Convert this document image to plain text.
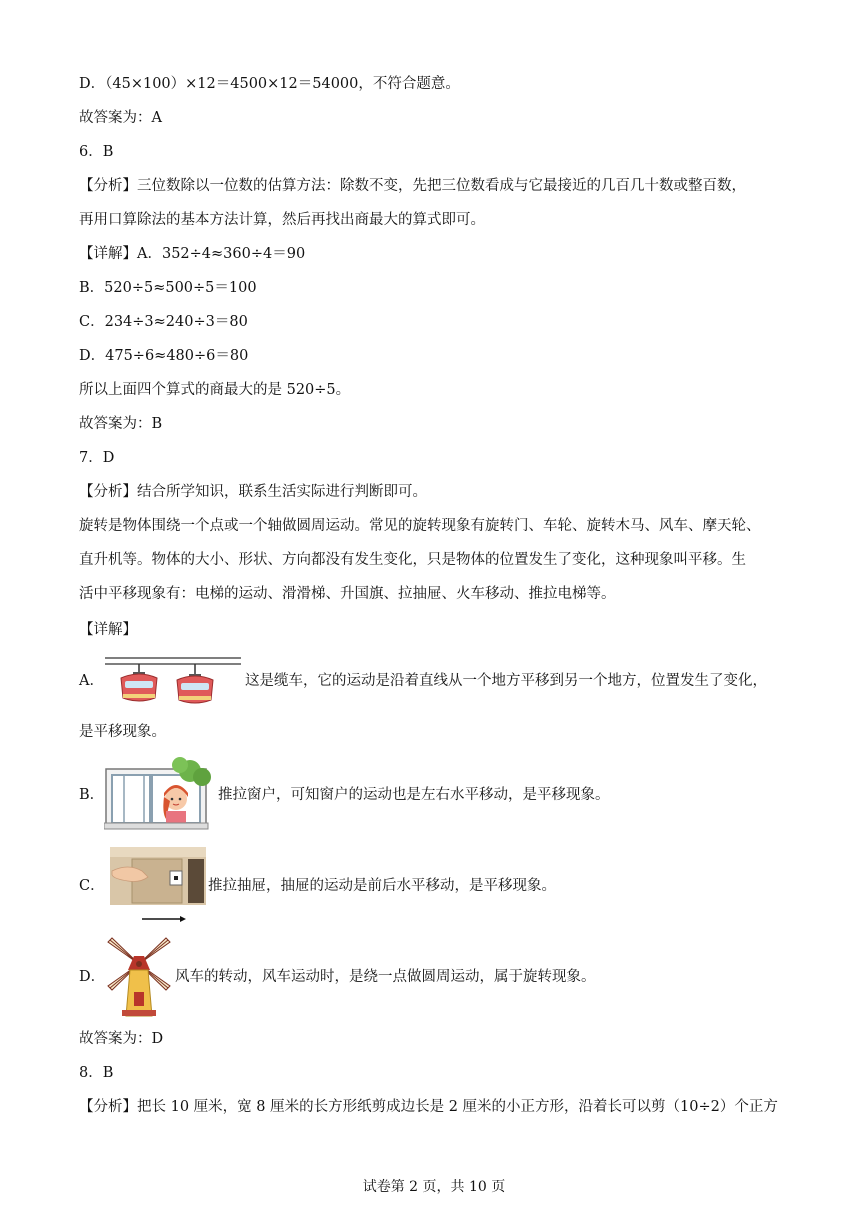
D．（45×100）×12＝4500×12＝54000，不符合题意。
故答案为：A
6．B
【分析】三位数除以一位数的估算方法：除数不变，先把三位数看成与它最接近的几百几十数或整百数，
再用口算除法的基本方法计算，然后再找出商最大的算式即可。
【详解】A．352÷4≈360÷4＝90
B．520÷5≈500÷5＝100
C．234÷3≈240÷3＝80
D．475÷6≈480÷6＝80
所以上面四个算式的商最大的是 520÷5。
故答案为：B
7．D
【分析】结合所学知识，联系生活实际进行判断即可。
旋转是物体围绕一个点或一个轴做圆周运动。常见的旋转现象有旋转门、车轮、旋转木马、风车、摩天轮、
直升机等。物体的大小、形状、方向都没有发生变化，只是物体的位置发生了变化，这种现象叫平移。生
活中平移现象有：电梯的运动、滑滑梯、升国旗、拉抽屉、火车移动、推拉电梯等。
【详解】
A．	这是缆车，它的运动是沿着直线从一个地方平移到另一个地方，位置发生了变化，
是平移现象。
B．	推拉窗户，可知窗户的运动也是左右水平移动，是平移现象。
C．	推拉抽屉，抽屉的运动是前后水平移动，是平移现象。
D．	风车的转动，风车运动时，是绕一点做圆周运动，属于旋转现象。
故答案为：D
8．B
【分析】把长 10 厘米，宽 8 厘米的长方形纸剪成边长是 2 厘米的小正方形，沿着长可以剪（10÷2）个正方
试卷第 2 页，共 10 页
